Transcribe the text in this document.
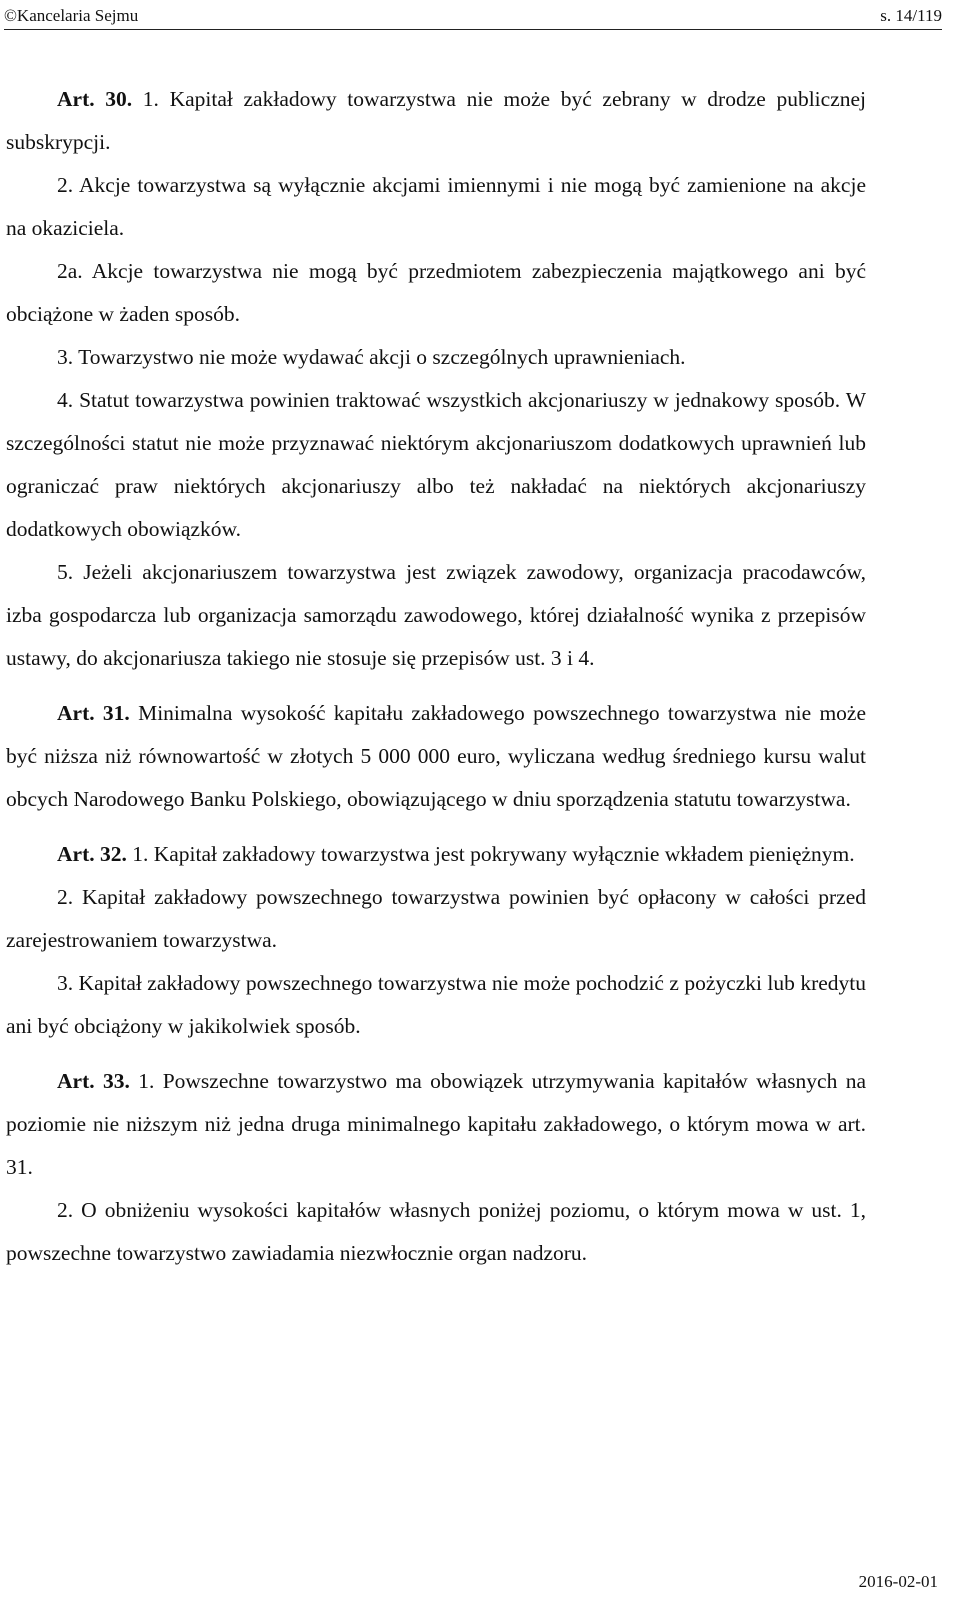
©Kancelaria Sejmu	s. 14/119

Art. 30. 1. Kapitał zakładowy towarzystwa nie może być zebrany w drodze publicznej subskrypcji.

2. Akcje towarzystwa są wyłącznie akcjami imiennymi i nie mogą być zamienione na akcje na okaziciela.

2a. Akcje towarzystwa nie mogą być przedmiotem zabezpieczenia majątkowego ani być obciążone w żaden sposób.

3. Towarzystwo nie może wydawać akcji o szczególnych uprawnieniach.

4. Statut towarzystwa powinien traktować wszystkich akcjonariuszy w jednakowy sposób. W szczególności statut nie może przyznawać niektórym akcjonariuszom dodatkowych uprawnień lub ograniczać praw niektórych akcjonariuszy albo też nakładać na niektórych akcjonariuszy dodatkowych obowiązków.

5. Jeżeli akcjonariuszem towarzystwa jest związek zawodowy, organizacja pracodawców, izba gospodarcza lub organizacja samorządu zawodowego, której działalność wynika z przepisów ustawy, do akcjonariusza takiego nie stosuje się przepisów ust. 3 i 4.

Art. 31. Minimalna wysokość kapitału zakładowego powszechnego towarzystwa nie może być niższa niż równowartość w złotych 5 000 000 euro, wyliczana według średniego kursu walut obcych Narodowego Banku Polskiego, obowiązującego w dniu sporządzenia statutu towarzystwa.

Art. 32. 1. Kapitał zakładowy towarzystwa jest pokrywany wyłącznie wkładem pieniężnym.

2. Kapitał zakładowy powszechnego towarzystwa powinien być opłacony w całości przed zarejestrowaniem towarzystwa.

3. Kapitał zakładowy powszechnego towarzystwa nie może pochodzić z pożyczki lub kredytu ani być obciążony w jakikolwiek sposób.

Art. 33. 1. Powszechne towarzystwo ma obowiązek utrzymywania kapitałów własnych na poziomie nie niższym niż jedna druga minimalnego kapitału zakładowego, o którym mowa w art. 31.

2. O obniżeniu wysokości kapitałów własnych poniżej poziomu, o którym mowa w ust. 1, powszechne towarzystwo zawiadamia niezwłocznie organ nadzoru.

2016-02-01
